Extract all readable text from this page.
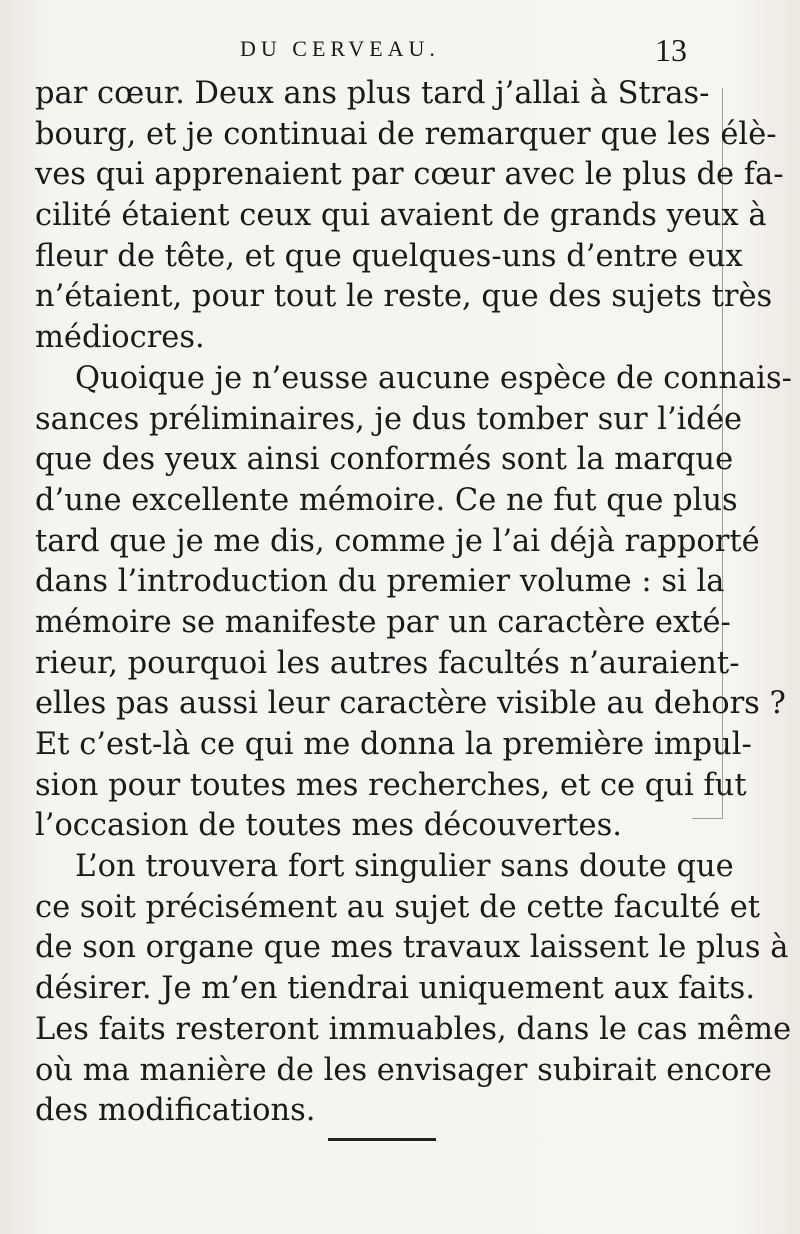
DU CERVEAU.	13
par cœur. Deux ans plus tard j’allai à Stras-
bourg, et je continuai de remarquer que les élè-
ves qui apprenaient par cœur avec le plus de fa-
cilité étaient ceux qui avaient de grands yeux à
fleur de tête, et que quelques-uns d’entre eux
n’étaient, pour tout le reste, que des sujets très
médiocres.
Quoique je n’eusse aucune espèce de connais-
sances préliminaires, je dus tomber sur l’idée
que des yeux ainsi conformés sont la marque
d’une excellente mémoire. Ce ne fut que plus
tard que je me dis, comme je l’ai déjà rapporté
dans l’introduction du premier volume : si la
mémoire se manifeste par un caractère exté-
rieur, pourquoi les autres facultés n’auraient-
elles pas aussi leur caractère visible au dehors ?
Et c’est-là ce qui me donna la première impul-
sion pour toutes mes recherches, et ce qui fut
l’occasion de toutes mes découvertes.
L’on trouvera fort singulier sans doute que
ce soit précisément au sujet de cette faculté et
de son organe que mes travaux laissent le plus à
désirer. Je m’en tiendrai uniquement aux faits.
Les faits resteront immuables, dans le cas même
où ma manière de les envisager subirait encore
des modifications.
